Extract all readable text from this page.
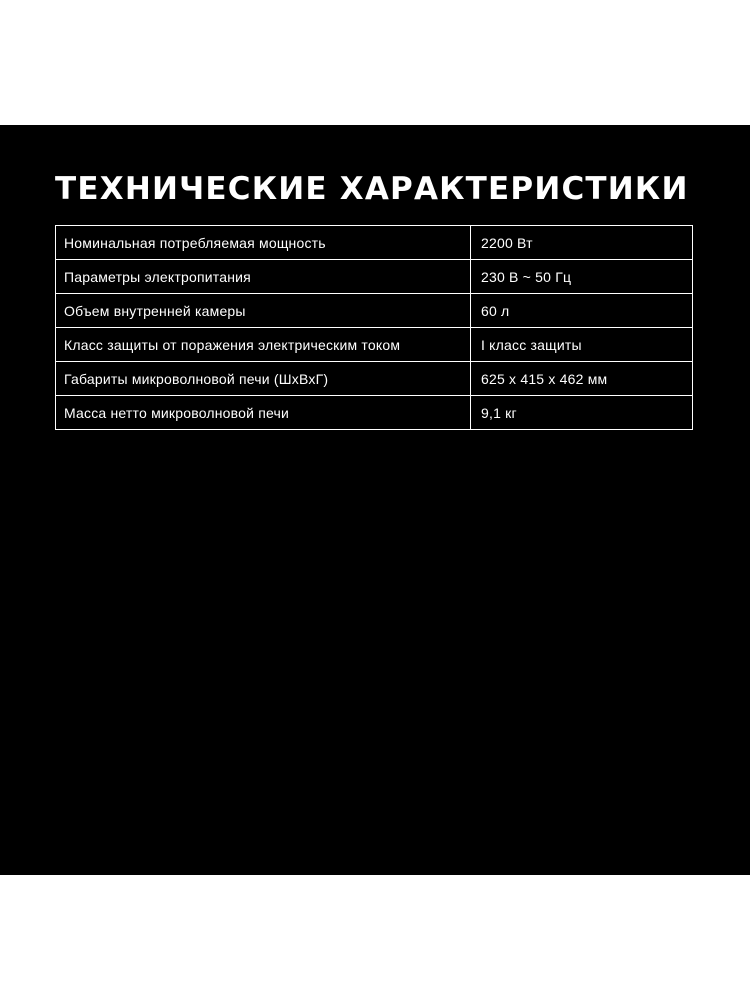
ТЕХНИЧЕСКИЕ ХАРАКТЕРИСТИКИ
Номинальная потребляемая мощность	2200 Вт
Параметры электропитания	230 В ~ 50 Гц
Объем внутренней камеры	60 л
Класс защиты от поражения электрическим током	I класс защиты
Габариты микроволновой печи (ШхВхГ)	625 х 415 х 462 мм
Масса нетто микроволновой печи	9,1 кг
